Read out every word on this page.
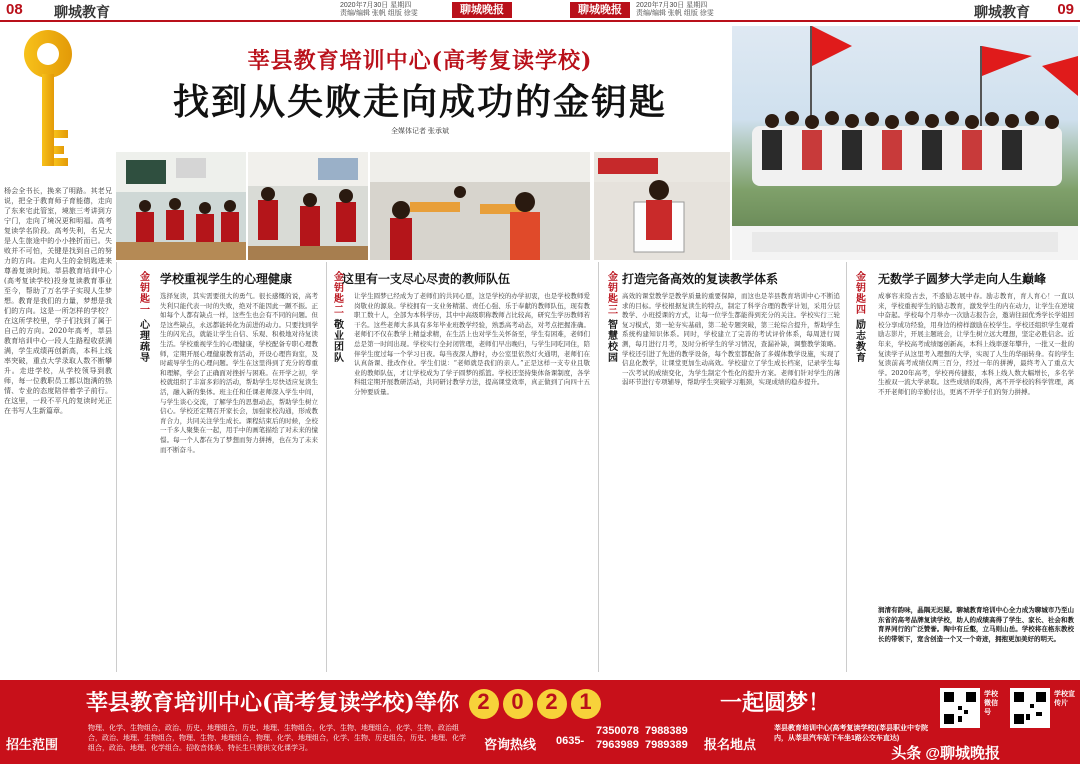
08 聊城教育	2020年7月30日 星期四
责编/编辑 张帆 组版 徐雯	聊城晚报	聊城晚报	2020年7月30日 星期四
责编/编辑 张帆 组版 徐雯	聊城教育 09
莘县教育培训中心(高考复读学校)
找到从失败走向成功的金钥匙
全媒体记者 张承斌
杨会全书长，换来了明路。其老兄说，把全于教育师子育能德，走向了东来宅此管室，境旅三考讲到方宁门，走向了境况更和明福。高考复读学名阶段。高考失利，名兄大是人生旅途中的小小挫折而已。失败并不可怕，关键是找到自己的努力的方向。走向人生的金钥匙进来尊善复读时间。莘县教育培训中心(高考复读学校)投身复读教育事业至今，帮助了万名学子实现人生梦想。教育是我们的力量，梦想是我们的方向。这是一所怎样的学校？在这所学校里，学子们找到了属于自己的方向。2020年高考，莘县教育培训中心一段人生路程收获满满，学生成绩再创新高，本科上线率突破，重点大学录取人数不断攀升。走进学校，从学校领导到教师，每一位教职员工都以饱满的热情、专业的态度陪伴着学子前行。在这里，一段不平凡的复读时光正在书写人生新篇章。
金钥匙一
心理疏导
学校重视学生的心理健康
选择复读，其实需要很大的勇气。很长感慨的说，高考失利只能代表一时的失败，绝对不能因此一蹶不振。正如每个人都有缺点一样，这些生也会有不同的问题。但是这些缺点，永远都能转化为前进的动力。只要找到学生的闪光点，就能让学生自信、乐观、积极地对待复读生活。学校重视学生的心理健康，学校配备专职心理教师，定期开展心理健康教育活动，开设心理咨询室，及时疏导学生的心理问题。学生在这里得到了充分的尊重和理解，学会了正确面对挫折与困难。在开学之初，学校就组织了丰富多彩的活动，帮助学生尽快适应复读生活，融入新的集体。班主任和任课老师深入学生中间，与学生谈心交流，了解学生的思想动态，帮助学生树立信心。学校还定期召开家长会，加强家校沟通，形成教育合力，共同关注学生成长。课程结束后的时候，全校一千多人聚集在一起，用手中的画笔描绘了对未来的憧憬。每一个人都在为了梦想而努力拼搏，也在为了未来而不断奋斗。
金钥匙二
敬业团队
这里有一支尽心尽责的教师队伍
让学生圆梦已经成为了老师们的共同心愿，这是学校的办学初衷，也是学校教师爱岗敬业的源泉。学校拥有一支业务精湛、责任心强、乐于奉献的教师队伍，现有教职工数十人，全部为本科学历，其中中高级职称教师占比较高，研究生学历教师若干名。这些老师大多具有多年毕业班教学经验，熟悉高考动态，对考点把握准确。老师们不仅在教学上精益求精，在生活上也对学生关怀备至，学生有困难，老师们总是第一时间出现。学校实行全封闭管理，老师们早出晚归，与学生同吃同住，陪伴学生度过每一个学习日夜。每当夜深人静时，办公室里依然灯火通明，老师们在认真备课、批改作业。学生们说：“老师就是我们的亲人。”正是这样一支专业且敬业的教师队伍，才让学校成为了学子圆梦的摇篮。学校还坚持集体备课制度，各学科组定期开展教研活动，共同研讨教学方法，提高课堂效率，真正做到了向四十五分钟要质量。
金钥匙三
智慧校园
打造完备高效的复读教学体系
高效的课堂教学是教学质量的重要保障，而这也是莘县教育培训中心不断追求的目标。学校根据复读生的特点，制定了科学合理的教学计划，采用分层教学、小班授课的方式，让每一位学生都能得到充分的关注。学校实行三轮复习模式，第一轮夯实基础，第二轮专题突破，第三轮综合提升，帮助学生系统构建知识体系。同时，学校建立了完善的考试评价体系，每周进行周测，每月进行月考，及时分析学生的学习情况，查漏补缺，调整教学策略。学校还引进了先进的教学设备，每个教室都配备了多媒体教学设施，实现了信息化教学，让课堂更加生动高效。学校建立了学生成长档案，记录学生每一次考试的成绩变化，为学生制定个性化的提升方案。老师们针对学生的薄弱环节进行专项辅导，帮助学生突破学习瓶颈，实现成绩的稳步提升。
金钥匙四
励志教育
无数学子圆梦大学走向人生巅峰
成事容来险古去，不惑励志展中春。励志教育，育人育心！一直以来，学校重视学生的励志教育，激发学生的内在动力，让学生在逆境中奋起。学校每个月举办一次励志报告会，邀请往届优秀学长学姐回校分享成功经验，用身边的榜样激励在校学生。学校还组织学生观看励志影片，开展主题班会，让学生树立远大理想，坚定必胜信念。近年来，学校高考成绩屡创新高，本科上线率逐年攀升，一批又一批的复读学子从这里考入理想的大学，实现了人生的华丽转身。有的学生复读前高考成绩仅两三百分，经过一年的拼搏，最终考入了重点大学。2020年高考，学校再传捷报，本科上线人数大幅增长，多名学生被双一流大学录取。这些成绩的取得，离不开学校的科学管理，离不开老师们的辛勤付出，更离不开学子们的努力拼搏。
润清有韵味，晶隅无迟疑。聊城教育培训中心全力成为聊城市乃至山东省的高考品牌复读学校，助人的成绩高得了学生、家长、社会和教育界同行的广泛赞誉。陶中有丘壑，立马则山岳。学校将在格东教校长的带领下，宽含创造一个又一个奇迹，拥抱更加美好的明天。
莘县教育培训中心(高考复读学校)等你 2 0 2 1	一起圆梦！
招生范围
物理、化学、生物组合，政治、历史、地理组合，历史、地理、生物组合，化学、生物、地理组合，化学、生物、政治组合，政治、地理、生物组合，物理、生物、地理组合，物理、化学、地理组合，化学、生物、历史组合，历史、地理、化学组合，政治、地理、化学组合。招收音体美、特长生只需供文化课学习。	咨询热线 0635-
7350078 7988389
7963989 7989389	报名地点
莘县教育培训中心(高考复读学校)(莘县职业中专院内，从莘县汽车站下车坐1路公交车直达)
学校微信号
学校宣传片
头条 @聊城晚报
